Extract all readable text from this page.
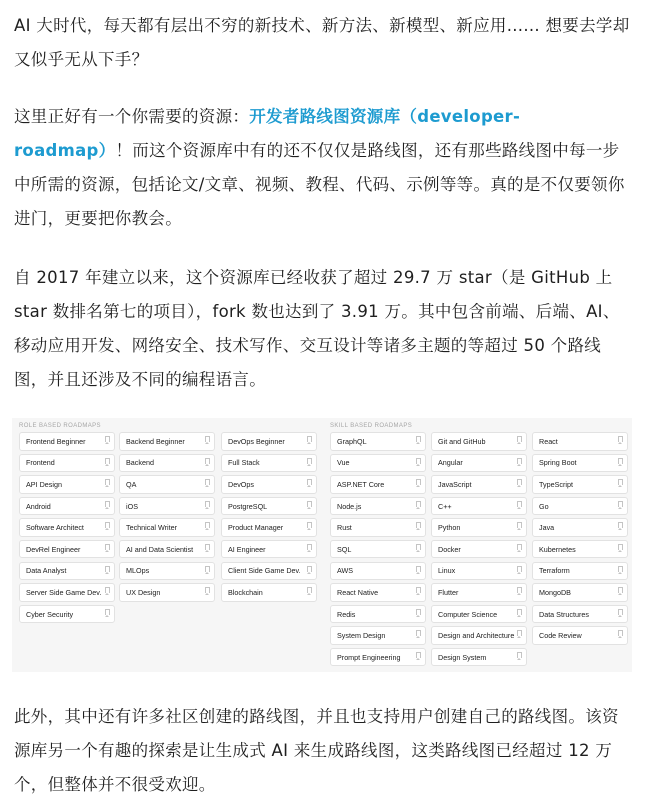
AI 大时代，每天都有层出不穷的新技术、新方法、新模型、新应用...... 想要去学却又似乎无从下手？

这里正好有一个你需要的资源：开发者路线图资源库（developer-roadmap）！而这个资源库中有的还不仅仅是路线图，还有那些路线图中每一步中所需的资源，包括论文/文章、视频、教程、代码、示例等等。真的是不仅要领你进门，更要把你教会。

自 2017 年建立以来，这个资源库已经收获了超过 29.7 万 star（是 GitHub 上 star 数排名第七的项目），fork 数也达到了 3.91 万。其中包含前端、后端、AI、移动应用开发、网络安全、技术写作、交互设计等诸多主题的等超过 50 个路线图，并且还涉及不同的编程语言。

ROLE BASED ROADMAPS	SKILL BASED ROADMAPS
Frontend Beginner
Frontend
API Design
Android
Software Architect
DevRel Engineer
Data Analyst
Server Side Game Dev.
Cyber Security
Backend Beginner
Backend
QA
iOS
Technical Writer
AI and Data Scientist
MLOps
UX Design
DevOps Beginner
Full Stack
DevOps
PostgreSQL
Product Manager
AI Engineer
Client Side Game Dev.
Blockchain
GraphQL
Vue
ASP.NET Core
Node.js
Rust
SQL
AWS
React Native
Redis
System Design
Prompt Engineering
Git and GitHub
Angular
JavaScript
C++
Python
Docker
Linux
Flutter
Computer Science
Design and Architecture
Design System
React
Spring Boot
TypeScript
Go
Java
Kubernetes
Terraform
MongoDB
Data Structures
Code Review

此外，其中还有许多社区创建的路线图，并且也支持用户创建自己的路线图。该资源库另一个有趣的探索是让生成式 AI 来生成路线图，这类路线图已经超过 12 万个，但整体并不很受欢迎。
